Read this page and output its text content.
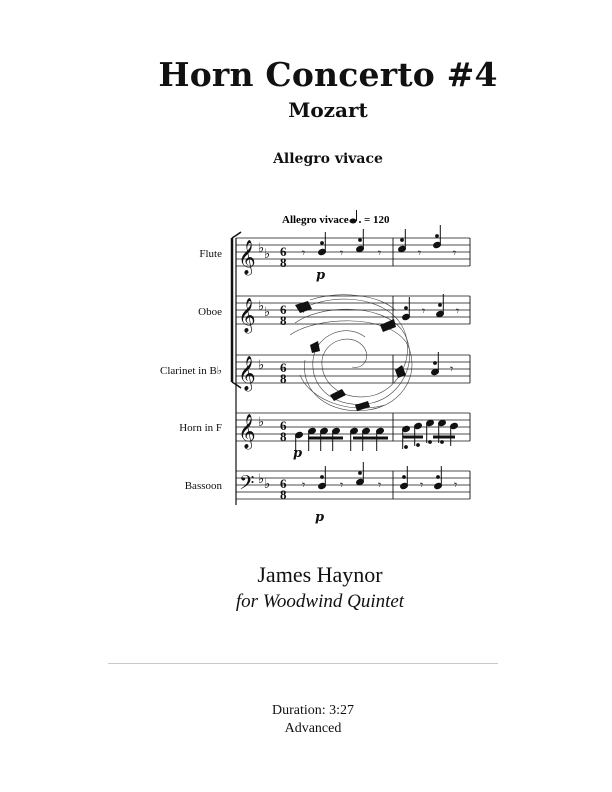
Horn Concerto #4
Mozart
Allegro vivace
Allegro vivace = 120
Flute
Oboe
Clarinet in B♭
Horn in F
Bassoon
𝄞
𝄞
𝄞
𝄞
𝄢
♭ ♭
♭ ♭
♭
♭
♭ ♭
6
8
6
8
6
8
6
8
6
8
𝄾	𝄾	𝄾	𝄾	𝄾
𝄾	𝄾
𝄾
𝄾	𝄾	𝄾	𝄾	𝄾
p
p
p

James Haynor

for Woodwind Quintet

Duration: 3:27

Advanced
